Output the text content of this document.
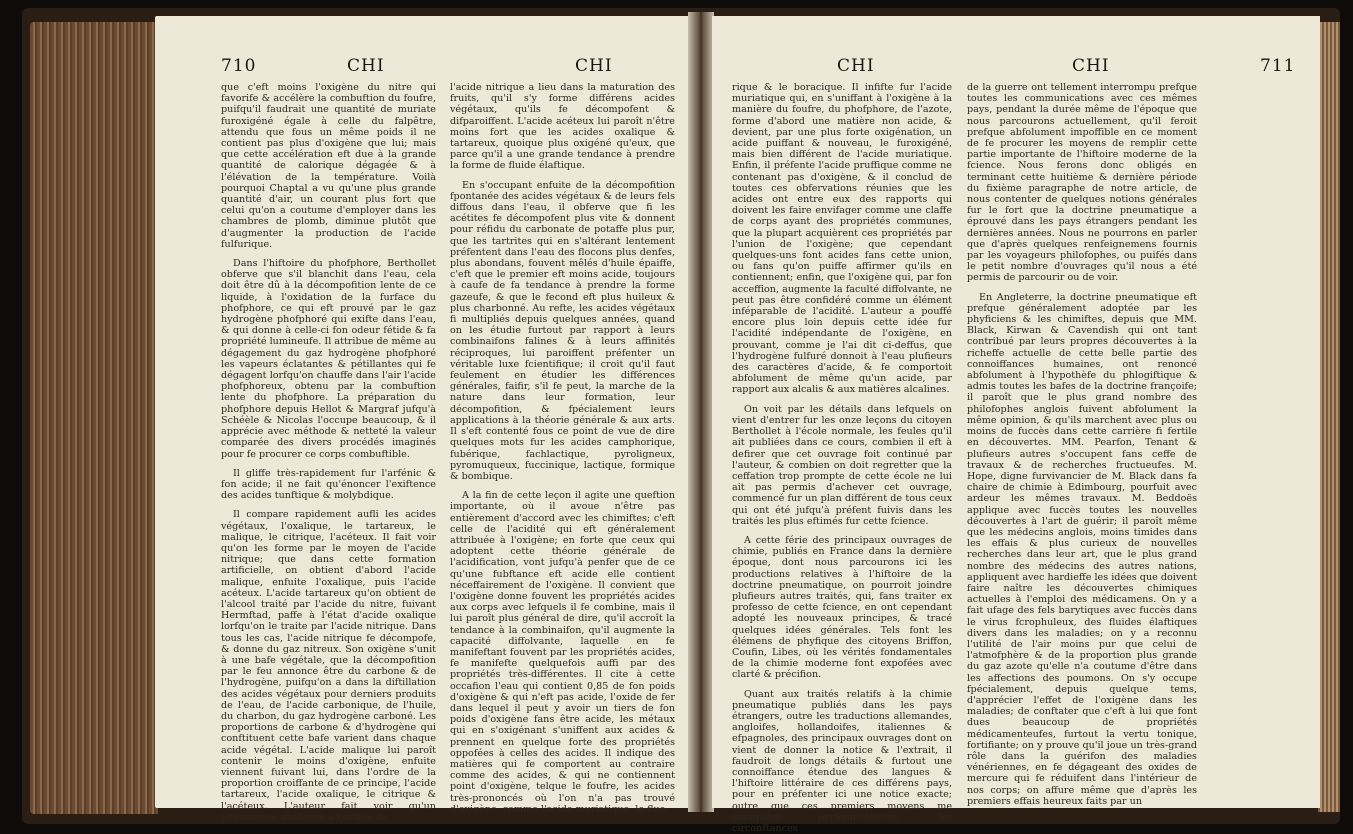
710	CHI	CHI

que c'eft moins l'oxigène du nitre qui favorife & accélère la combuftion du foufre, puifqu'il faudrait une quantité de muriate furoxigéné égale à celle du falpêtre, attendu que fous un même poids il ne contient pas plus d'oxigène que lui; mais que cette accélération eft due à la grande quantité de calorique dégagée & à l'élévation de la température. Voilà pourquoi Chaptal a vu qu'une plus grande quantité d'air, un courant plus fort que celui qu'on a coutume d'employer dans les chambres de plomb, diminue plutôt que d'augmenter la production de l'acide fulfurique.

Dans l'hiftoire du phofphore, Berthollet obferve que s'il blanchit dans l'eau, cela doit être dû à la décompofition lente de ce liquide, à l'oxidation de la furface du phofphore, ce qui eft prouvé par le gaz hydrogène phofphoré qui exifte dans l'eau, & qui donne à celle-ci fon odeur fétide & fa propriété lumineufe. Il attribue de même au dégagement du gaz hydrogène phofphoré les vapeurs éclatantes & pétillantes qui fe dégagent lorfqu'on chauffe dans l'air l'acide phofphoreux, obtenu par la combuftion lente du phofphore. La préparation du phofphore depuis Hellot & Margraf jufqu'à Schéèle & Nicolas l'occupe beaucoup, & il apprécie avec méthode & netteté la valeur comparée des divers procédés imaginés pour fe procurer ce corps combuftible.

Il gliffe très-rapidement fur l'arfénic & fon acide; il ne fait qu'énoncer l'exiftence des acides tunftique & molybdique.

Il compare rapidement aufli les acides végétaux, l'oxalique, le tartareux, le malique, le citrique, l'acéteux. Il fait voir qu'on les forme par le moyen de l'acide nitrique; que dans cette formation artificielle, on obtient d'abord l'acide malique, enfuite l'oxalique, puis l'acide acéteux. L'acide tartareux qu'on obtient de l'alcool traité par l'acide du nitre, fuivant Hermftad, paffe à l'état d'acide oxalique lorfqu'on le traite par l'acide nitrique. Dans tous les cas, l'acide nitrique fe décompofe, & donne du gaz nitreux. Son oxigène s'unit à une bafe végétale, que la décompofition par le feu annonce être du carbone & de l'hydrogène, puifqu'on a dans la diftillation des acides végétaux pour derniers produits de l'eau, de l'acide carbonique, de l'huile, du charbon, du gaz hydrogène carboné. Les proportions de carbone & d'hydrogène qui conftituent cette bafe varient dans chaque acide végétal. L'acide malique lui paroît contenir le moins d'oxigène, enfuite viennent fuivant lui, dans l'ordre de la proportion croiffante de ce principe, l'acide tartareux, l'acide oxalique, le citrique & l'acéteux. L'auteur fait voir qu'un phénomène analogue à l'action de

l'acide nitrique a lieu dans la maturation des fruits, qu'il s'y forme différens acides végétaux, qu'ils fe décompofent & difparoiffent. L'acide acéteux lui paroît n'être moins fort que les acides oxalique & tartareux, quoique plus oxigéné qu'eux, que parce qu'il a une grande tendance à prendre la forme de fluide élaftique.

En s'occupant enfuite de la décompofition fpontanée des acides végétaux & de leurs fels diffous dans l'eau, il obferve que fi les acétites fe décompofent plus vite & donnent pour réfidu du carbonate de potaffe plus pur, que les tartrites qui en s'altérant lentement préfentent dans l'eau des flocons plus denfes, plus abondans, fouvent mêlés d'huile épaiffe, c'eft que le premier eft moins acide, toujours à caufe de fa tendance à prendre la forme gazeufe, & que le fecond eft plus huileux & plus charbonné. Au refte, les acides végétaux fi multipliés depuis quelques années, quand on les étudie furtout par rapport à leurs combinaifons falines & à leurs affinités réciproques, lui paroiffent préfenter un véritable luxe fcientifique; il croit qu'il faut feulement en étudier les différences générales, faifir, s'il fe peut, la marche de la nature dans leur formation, leur décompofition, & fpécialement leurs applications à la théorie générale & aux arts. Il s'eft contenté fous ce point de vue de dire quelques mots fur les acides camphorique, fubérique, fachlactique, pyroligneux, pyromuqueux, fuccinique, lactique, formique & bombique.

A la fin de cette leçon il agite une queftion importante, où il avoue n'être pas entièrement d'accord avec les chimiftes; c'eft celle de l'acidité qui eft généralement attribuée à l'oxigène; en forte que ceux qui adoptent cette théorie générale de l'acidification, vont jufqu'à penfer que de ce qu'une fubftance eft acide elle contient néceffairement de l'oxigène. Il convient que l'oxigène donne fouvent les propriétés acides aux corps avec lefquels il fe combine, mais il lui paroît plus général de dire, qu'il accroît la tendance à la combinaifon, qu'il augmente la capacité diffolvante, laquelle en fe manifeftant fouvent par les propriétés acides, fe manifefte quelquefois auffi par des propriétés très-différentes. Il cite à cette occafion l'eau qui contient 0,85 de fon poids d'oxigène & qui n'eft pas acide, l'oxide de fer dans lequel il peut y avoir un tiers de fon poids d'oxigène fans être acide, les métaux qui en s'oxigénant s'uniffent aux acides & prennent en quelque forte des propriétés oppofées à celles des acides. Il indique des matières qui fe comportent au contraire comme des acides, & qui ne contiennent point d'oxigène, telque le foufre, les acides très-prononcés où l'on n'a pas trouvé d'oxigène, comme l'acide muriatique, le fluo-

CHI	CHI	711

rique & le boracique. Il infifte fur l'acide muriatique qui, en s'uniffant à l'oxigène à la manière du foufre, du phofphore, de l'azote, forme d'abord une matière non acide, & devient, par une plus forte oxigénation, un acide puiffant & nouveau, le furoxigéné, mais bien différent de l'acide muriatique. Enfin, il préfente l'acide pruffique comme ne contenant pas d'oxigène, & il conclud de toutes ces obfervations réunies que les acides ont entre eux des rapports qui doivent les faire envifager comme une claffe de corps ayant des propriétés communes, que la plupart acquièrent ces propriétés par l'union de l'oxigène; que cependant quelques-uns font acides fans cette union, ou fans qu'on puiffe affirmer qu'ils en contiennent; enfin, que l'oxigène qui, par fon acceffion, augmente la faculté diffolvante, ne peut pas être confidéré comme un élément inféparable de l'acidité. L'auteur a pouffé encore plus loin depuis cette idée fur l'acidité indépendante de l'oxigène, en prouvant, comme je l'ai dit ci-deffus, que l'hydrogène fulfuré donnoit à l'eau plufieurs des caractères d'acide, & fe comportoit abfolument de même qu'un acide, par rapport aux alcalis & aux matières alcalines.

On voit par les détails dans lefquels on vient d'entrer fur les onze leçons du citoyen Berthollet à l'école normale, les feules qu'il ait publiées dans ce cours, combien il eft à defirer que cet ouvrage foit continué par l'auteur, & combien on doit regretter que la ceffation trop prompte de cette école ne lui ait pas permis d'achever cet ouvrage, commencé fur un plan différent de tous ceux qui ont été jufqu'à préfent fuivis dans les traités les plus eftimés fur cette fcience.

A cette férie des principaux ouvrages de chimie, publiés en France dans la dernière époque, dont nous parcourons ici les productions relatives à l'hiftoire de la doctrine pneumatique, on pourroit joindre plufieurs autres traités, qui, fans traiter ex professo de cette fcience, en ont cependant adopté les nouveaux principes, & tracé quelques idées générales. Tels font les élémens de phyfique des citoyens Briffon, Coufin, Libes, où les vérités fondamentales de la chimie moderne font expofées avec clarté & précifion.

Quant aux traités relatifs à la chimie pneumatique publiés dans les pays étrangers, outre les traductions allemandes, angloifes, hollandoifes, italiennes & efpagnoles, des principaux ouvrages dont on vient de donner la notice & l'extrait, il faudroit de longs détails & furtout une connoiffance étendue des langues & l'hiftoire littéraire de ces différens pays, pour en préfenter ici une notice exacte; outre que ces premiers moyens me manquent perfonnellement, les circonftances

de la guerre ont tellement interrompu prefque toutes les communications avec ces mêmes pays, pendant la durée même de l'époque que nous parcourons actuellement, qu'il feroit prefque abfolument impoffible en ce moment de fe procurer les moyens de remplir cette partie importante de l'hiftoire moderne de la fcience. Nous ferons donc obligés en terminant cette huitième & dernière période du fixième paragraphe de notre article, de nous contenter de quelques notions générales fur le fort que la doctrine pneumatique a éprouvé dans les pays étrangers pendant les dernières années. Nous ne pourrons en parler que d'après quelques renfeignemens fournis par les voyageurs philofophes, ou puifés dans le petit nombre d'ouvrages qu'il nous a été permis de parcourir ou de voir.

En Angleterre, la doctrine pneumatique eft prefque généralement adoptée par les phyficiens & les chimiftes, depuis que MM. Black, Kirwan & Cavendish qui ont tant contribué par leurs propres découvertes à la richeffe actuelle de cette belle partie des connoiffances humaines, ont renoncé abfolument à l'hypothèfe du phlogiftique & admis toutes les bafes de la doctrine françoife; il paroît que le plus grand nombre des philofophes anglois fuivent abfolument la même opinion, & qu'ils marchent avec plus ou moins de fuccès dans cette carrière fi fertile en découvertes. MM. Pearfon, Tenant & plufieurs autres s'occupent fans ceffe de travaux & de recherches fructueufes. M. Hope, digne furvivancier de M. Black dans fa chaire de chimie à Edimbourg, pourfuit avec ardeur les mêmes travaux. M. Beddoës applique avec fuccès toutes les nouvelles découvertes à l'art de guérir; il paroît même que les médecins anglois, moins timides dans les effais & plus curieux de nouvelles recherches dans leur art, que le plus grand nombre des médecins des autres nations, appliquent avec hardieffe les idées que doivent faire naître les découvertes chimiques actuelles à l'emploi des médicamens. On y a fait ufage des fels barytiques avec fuccès dans le virus fcrophuleux, des fluides élaftiques divers dans les maladies; on y a reconnu l'utilité de l'air moins pur que celui de l'atmofphère & de la proportion plus grande du gaz azote qu'elle n'a coutume d'être dans les affections des poumons. On s'y occupe fpécialement, depuis quelque tems, d'apprécier l'effet de l'oxigène dans les maladies; de conftater que c'eft à lui que font dues beaucoup de propriétés médicamenteufes, furtout la vertu tonique, fortifiante; on y prouve qu'il joue un très-grand rôle dans la guérifon des maladies vénériennes, en fe dégageant des oxides de mercure qui fe réduifent dans l'intérieur de nos corps; on affure même que d'après les premiers effais heureux faits par un
